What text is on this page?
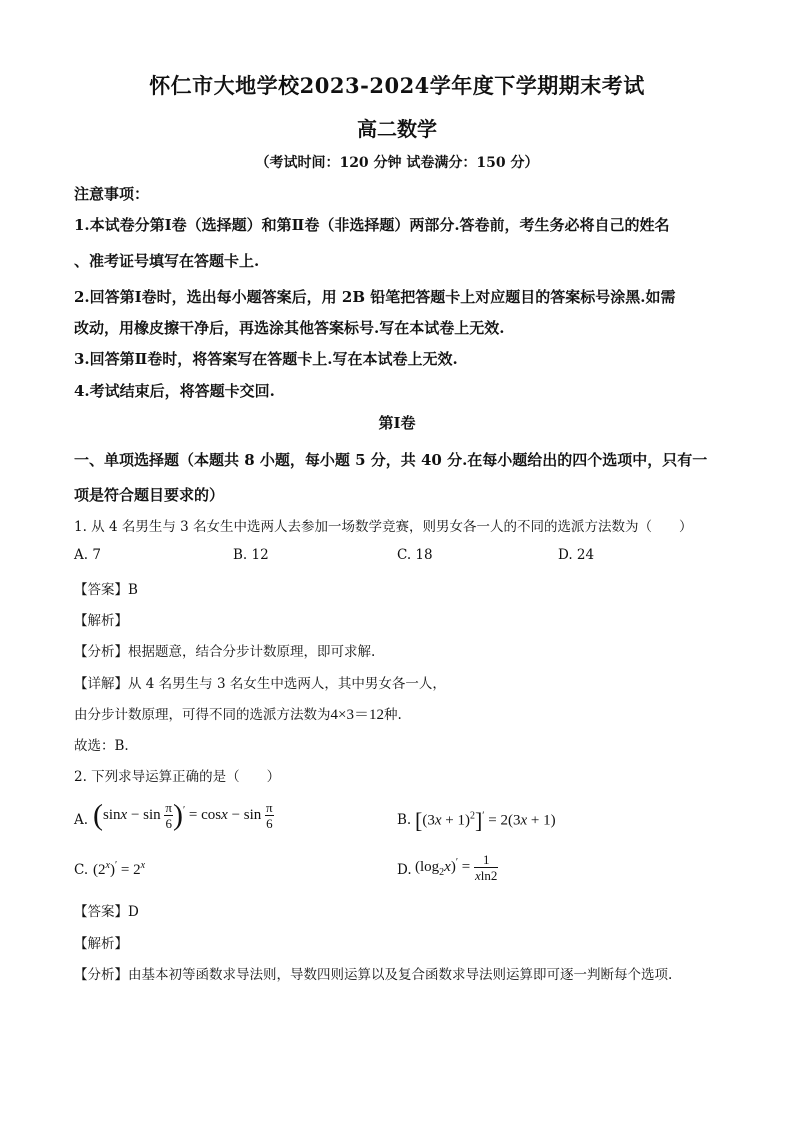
怀仁市大地学校2023-2024学年度下学期期末考试
高二数学
（考试时间：120 分钟 试卷满分：150 分）
注意事项：
1.本试卷分第Ⅰ卷（选择题）和第Ⅱ卷（非选择题）两部分.答卷前，考生务必将自己的姓名
、准考证号填写在答题卡上.
2.回答第Ⅰ卷时，选出每小题答案后，用 2B 铅笔把答题卡上对应题目的答案标号涂黑.如需
改动，用橡皮擦干净后，再选涂其他答案标号.写在本试卷上无效.
3.回答第Ⅱ卷时，将答案写在答题卡上.写在本试卷上无效.
4.考试结束后，将答题卡交回.
第Ⅰ卷
一、单项选择题（本题共 8 小题，每小题 5 分，共 40 分.在每小题给出的四个选项中，只有一
项是符合题目要求的）
1. 从 4 名男生与 3 名女生中选两人去参加一场数学竞赛，则男女各一人的不同的选派方法数为（　　）
A. 7	B. 12	C. 18	D. 24
【答案】B
【解析】
【分析】根据题意，结合分步计数原理，即可求解.
【详解】从 4 名男生与 3 名女生中选两人，其中男女各一人，
由分步计数原理，可得不同的选派方法数为4×3＝12种.
故选：B.
2. 下列求导运算正确的是（　　）
A. $(\sin x - \sin \frac{\pi}{6} )' = \cos x - \sin \frac{\pi}{6}$	B. $[(3x + 1)^2]' = 2(3x + 1)$
C. $(2^x)' = 2^x$	D. $(\log_2x)' = \frac{1}{xln2}$
【答案】D
【解析】
【分析】由基本初等函数求导法则，导数四则运算以及复合函数求导法则运算即可逐一判断每个选项.
